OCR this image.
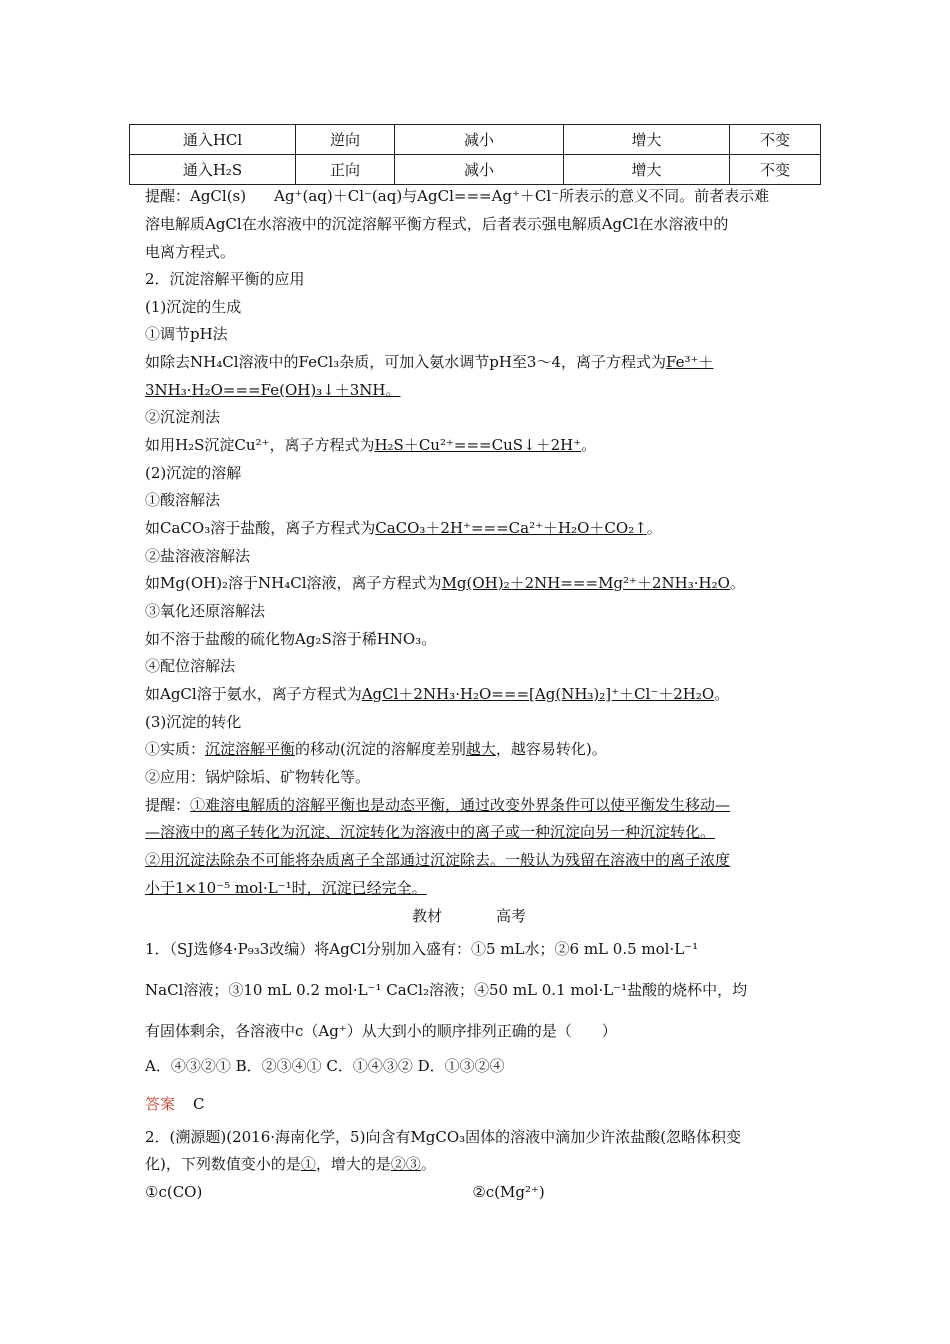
通入HCl	逆向	减小	增大	不变
通入H₂S	正向	减小	增大	不变
提醒：AgCl(s) Ag⁺(aq)＋Cl⁻(aq)与AgCl===Ag⁺＋Cl⁻所表示的意义不同。前者表示难
溶电解质AgCl在水溶液中的沉淀溶解平衡方程式，后者表示强电解质AgCl在水溶液中的
电离方程式。
2．沉淀溶解平衡的应用
(1)沉淀的生成
①调节pH法
如除去NH₄Cl溶液中的FeCl₃杂质，可加入氨水调节pH至3～4，离子方程式为Fe³⁺＋
3NH₃·H₂O===Fe(OH)₃↓＋3NH。
②沉淀剂法
如用H₂S沉淀Cu²⁺，离子方程式为H₂S＋Cu²⁺===CuS↓＋2H⁺。
(2)沉淀的溶解
①酸溶解法
如CaCO₃溶于盐酸，离子方程式为CaCO₃＋2H⁺===Ca²⁺＋H₂O＋CO₂↑。
②盐溶液溶解法
如Mg(OH)₂溶于NH₄Cl溶液，离子方程式为Mg(OH)₂＋2NH===Mg²⁺＋2NH₃·H₂O。
③氧化还原溶解法
如不溶于盐酸的硫化物Ag₂S溶于稀HNO₃。
④配位溶解法
如AgCl溶于氨水，离子方程式为AgCl＋2NH₃·H₂O===[Ag(NH₃)₂]⁺＋Cl⁻＋2H₂O。
(3)沉淀的转化
①实质：沉淀溶解平衡的移动(沉淀的溶解度差别越大，越容易转化)。
②应用：锅炉除垢、矿物转化等。
提醒：①难溶电解质的溶解平衡也是动态平衡，通过改变外界条件可以使平衡发生移动—
—溶液中的离子转化为沉淀、沉淀转化为溶液中的离子或一种沉淀向另一种沉淀转化。
②用沉淀法除杂不可能将杂质离子全部通过沉淀除去。一般认为残留在溶液中的离子浓度
小于1×10⁻⁵ mol·L⁻¹时，沉淀已经完全。
教材	高考
1．（SJ选修4·P₉₃3改编）将AgCl分别加入盛有：①5 mL水；②6 mL 0.5 mol·L⁻¹
NaCl溶液；③10 mL 0.2 mol·L⁻¹ CaCl₂溶液；④50 mL 0.1 mol·L⁻¹盐酸的烧杯中，均
有固体剩余，各溶液中c（Ag⁺）从大到小的顺序排列正确的是（　　）
A．④③②① B．②③④① C．①④③② D．①③②④
答案 C
2．(溯源题)(2016·海南化学，5)向含有MgCO₃固体的溶液中滴加少许浓盐酸(忽略体积变
化)，下列数值变小的是①，增大的是②③。
①c(CO)	②c(Mg²⁺)
